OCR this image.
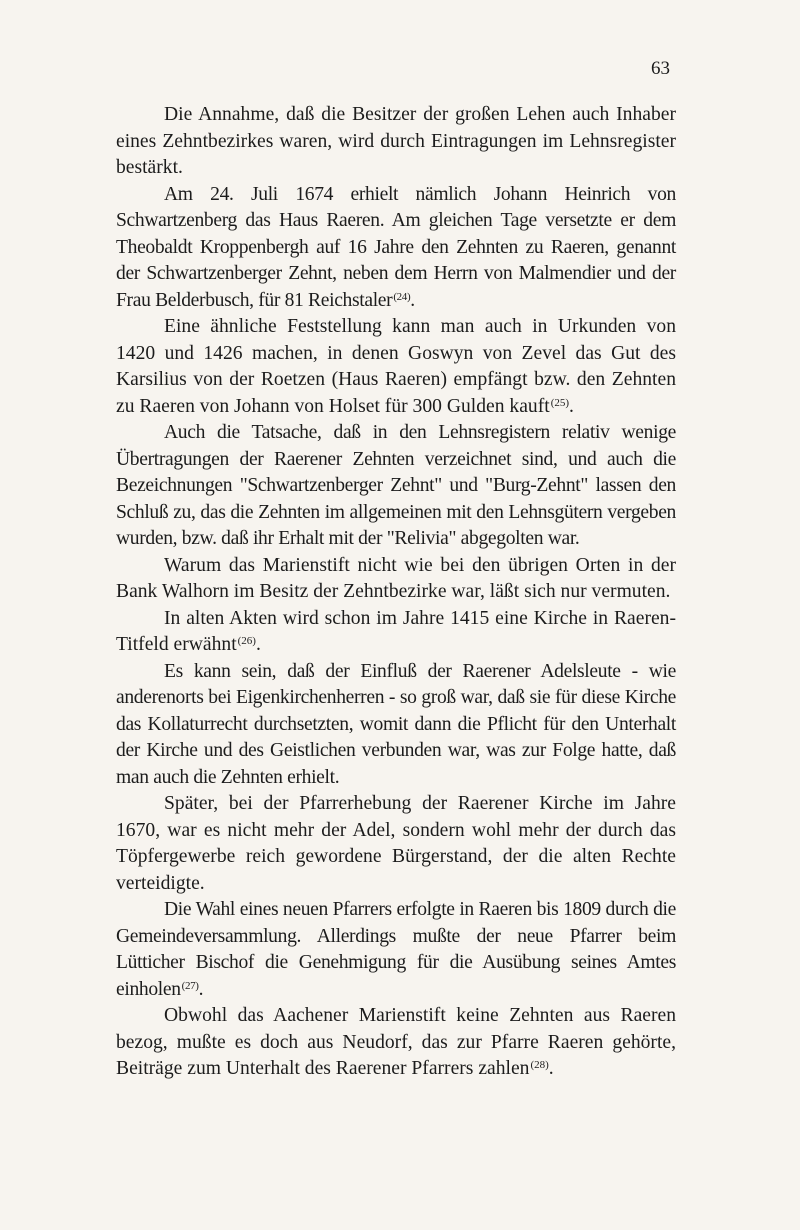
63

Die Annahme, daß die Besitzer der großen Lehen auch Inhaber eines Zehntbezirkes waren, wird durch Eintragungen im Lehnsregister bestärkt.

Am 24. Juli 1674 erhielt nämlich Johann Heinrich von Schwartzenberg das Haus Raeren. Am gleichen Tage versetzte er dem Theobaldt Kroppenbergh auf 16 Jahre den Zehnten zu Raeren, genannt der Schwartzenberger Zehnt, neben dem Herrn von Malmendier und der Frau Belderbusch, für 81 Reichstaler$^{(24)}$.

Eine ähnliche Feststellung kann man auch in Urkunden von 1420 und 1426 machen, in denen Goswyn von Zevel das Gut des Karsilius von der Roetzen (Haus Raeren) empfängt bzw. den Zehnten zu Raeren von Johann von Holset für 300 Gulden kauft$^{(25)}$.

Auch die Tatsache, daß in den Lehnsregistern relativ wenige Übertragungen der Raerener Zehnten verzeichnet sind, und auch die Bezeichnungen "Schwartzenberger Zehnt" und "Burg-Zehnt" lassen den Schluß zu, das die Zehnten im allgemeinen mit den Lehnsgütern vergeben wurden, bzw. daß ihr Erhalt mit der "Relivia" abgegolten war.

Warum das Marienstift nicht wie bei den übrigen Orten in der Bank Walhorn im Besitz der Zehntbezirke war, läßt sich nur vermuten.

In alten Akten wird schon im Jahre 1415 eine Kirche in Raeren-Titfeld erwähnt$^{(26)}$.

Es kann sein, daß der Einfluß der Raerener Adelsleute - wie anderenorts bei Eigenkirchenherren - so groß war, daß sie für diese Kirche das Kollaturrecht durchsetzten, womit dann die Pflicht für den Unterhalt der Kirche und des Geistlichen verbunden war, was zur Folge hatte, daß man auch die Zehnten erhielt.

Später, bei der Pfarrerhebung der Raerener Kirche im Jahre 1670, war es nicht mehr der Adel, sondern wohl mehr der durch das Töpfergewerbe reich gewordene Bürgerstand, der die alten Rechte verteidigte.

Die Wahl eines neuen Pfarrers erfolgte in Raeren bis 1809 durch die Gemeindeversammlung. Allerdings mußte der neue Pfarrer beim Lütticher Bischof die Genehmigung für die Ausübung seines Amtes einholen$^{(27)}$.

Obwohl das Aachener Marienstift keine Zehnten aus Raeren bezog, mußte es doch aus Neudorf, das zur Pfarre Raeren gehörte, Beiträge zum Unterhalt des Raerener Pfarrers zahlen$^{(28)}$.
